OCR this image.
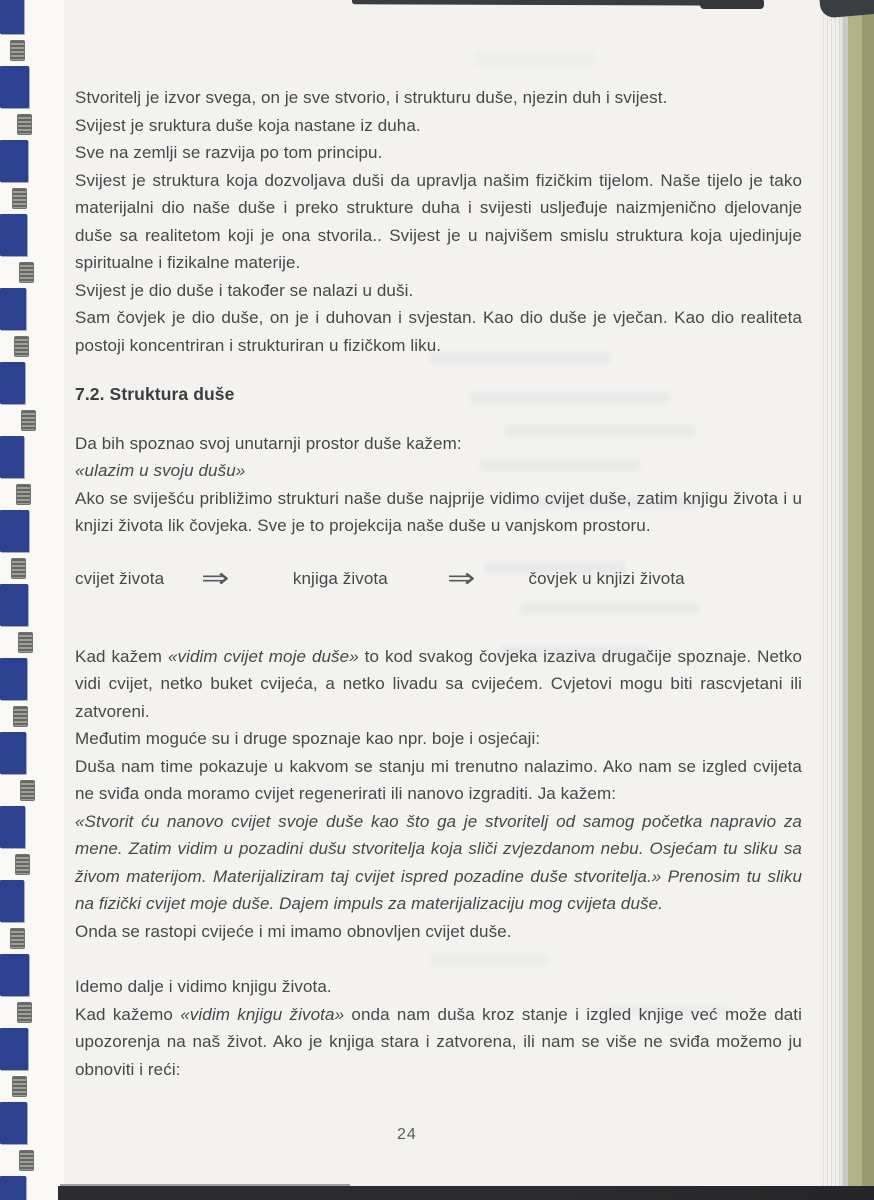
Stvoritelj je izvor svega, on je sve stvorio, i strukturu duše, njezin duh i svijest.

Svijest je sruktura duše koja nastane iz duha.

Sve na zemlji se razvija po tom principu.

Svijest je struktura koja dozvoljava duši da upravlja našim fizičkim tijelom. Naše tijelo je tako materijalni dio naše duše i preko strukture duha i svijesti usljeđuje naizmjenično djelovanje duše sa realitetom koji je ona stvorila.. Svijest je u najvišem smislu struktura koja ujedinjuje spiritualne i fizikalne materije.

Svijest je dio duše i također se nalazi u duši.

Sam čovjek je dio duše, on je i duhovan i svjestan. Kao dio duše je vječan. Kao dio realiteta postoji koncentriran i strukturiran u fizičkom liku.

7.2. Struktura duše

Da bih spoznao svoj unutarnji prostor duše kažem:

«ulazim u svoju dušu»

Ako se sviješću približimo strukturi naše duše najprije vidimo cvijet duše, zatim knjigu života i u knjizi života lik čovjeka. Sve je to projekcija naše duše u vanjskom prostoru.

cvijet života ⇒	knjiga života ⇒	čovjek u knjizi života

Kad kažem «vidim cvijet moje duše» to kod svakog čovjeka izaziva drugačije spoznaje. Netko vidi cvijet, netko buket cvijeća, a netko livadu sa cvijećem. Cvjetovi mogu biti rascvjetani ili zatvoreni.

Međutim moguće su i druge spoznaje kao npr. boje i osjećaji:

Duša nam time pokazuje u kakvom se stanju mi trenutno nalazimo. Ako nam se izgled cvijeta ne sviđa onda moramo cvijet regenerirati ili nanovo izgraditi. Ja kažem:

«Stvorit ću nanovo cvijet svoje duše kao što ga je stvoritelj od samog početka napravio za mene. Zatim vidim u pozadini dušu stvoritelja koja sliči zvjezdanom nebu. Osjećam tu sliku sa živom materijom. Materijaliziram taj cvijet ispred pozadine duše stvoritelja.» Prenosim tu sliku na fizički cvijet moje duše. Dajem impuls za materijalizaciju mog cvijeta duše.

Onda se rastopi cvijeće i mi imamo obnovljen cvijet duše.

Idemo dalje i vidimo knjigu života.

Kad kažemo «vidim knjigu života» onda nam duša kroz stanje i izgled knjige već može dati upozorenja na naš život. Ako je knjiga stara i zatvorena, ili nam se više ne sviđa možemo ju obnoviti i reći:

24
